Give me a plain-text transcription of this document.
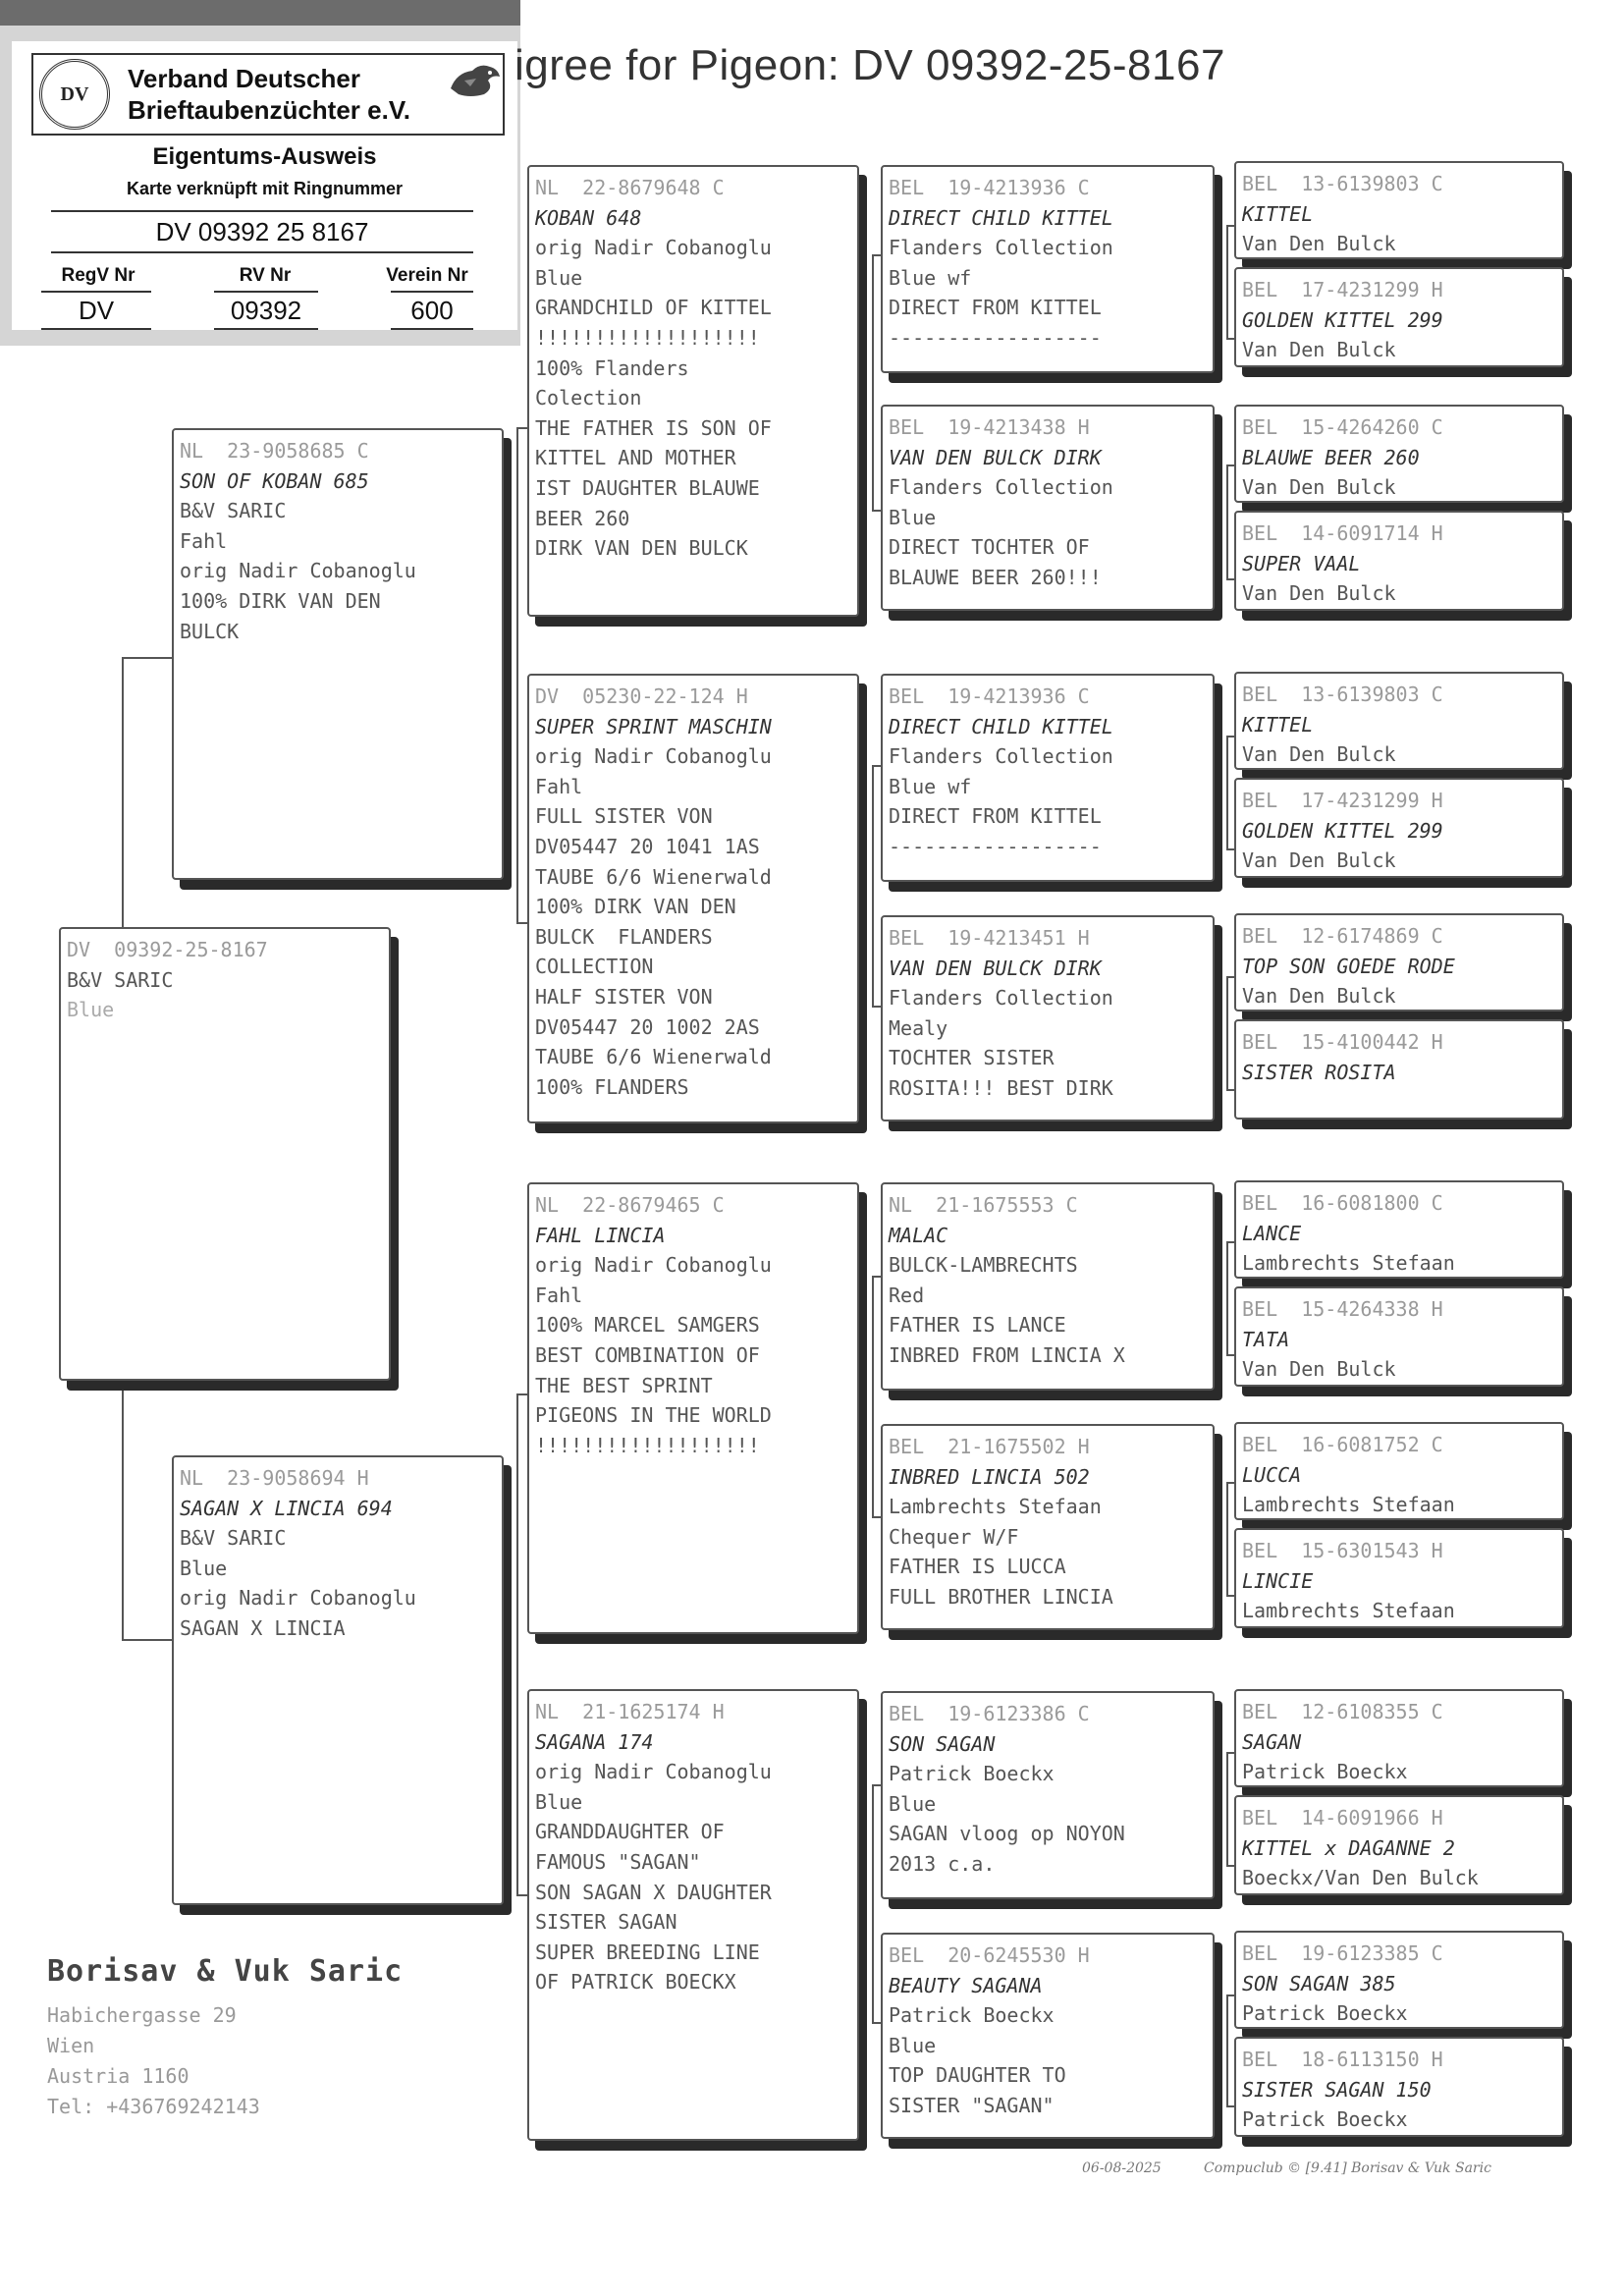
DV
Verband Deutscher
Brieftaubenzüchter e.V.
Eigentums-Ausweis
Karte verknüpft mit Ringnummer
DV 09392 25 8167
RegV Nr	RV Nr	Verein Nr
DV	09392	600
igree for Pigeon: DV 09392-25-8167
DV  09392-25-8167
B&V SARIC
Blue
NL  23-9058685 C
SON OF KOBAN 685
B&V SARIC
Fahl
orig Nadir Cobanoglu
100% DIRK VAN DEN
BULCK
NL  23-9058694 H
SAGAN X LINCIA 694
B&V SARIC
Blue
orig Nadir Cobanoglu
SAGAN X LINCIA
NL  22-8679648 C
KOBAN 648
orig Nadir Cobanoglu
Blue
GRANDCHILD OF KITTEL
!!!!!!!!!!!!!!!!!!!
100% Flanders
Colection
THE FATHER IS SON OF
KITTEL AND MOTHER
IST DAUGHTER BLAUWE
BEER 260
DIRK VAN DEN BULCK
DV  05230-22-124 H
SUPER SPRINT MASCHIN
orig Nadir Cobanoglu
Fahl
FULL SISTER VON
DV05447 20 1041 1AS
TAUBE 6/6 Wienerwald
100% DIRK VAN DEN
BULCK  FLANDERS
COLLECTION
HALF SISTER VON
DV05447 20 1002 2AS
TAUBE 6/6 Wienerwald
100% FLANDERS
NL  22-8679465 C
FAHL LINCIA
orig Nadir Cobanoglu
Fahl
100% MARCEL SAMGERS
BEST COMBINATION OF
THE BEST SPRINT
PIGEONS IN THE WORLD
!!!!!!!!!!!!!!!!!!!
NL  21-1625174 H
SAGANA 174
orig Nadir Cobanoglu
Blue
GRANDDAUGHTER OF
FAMOUS "SAGAN"
SON SAGAN X DAUGHTER
SISTER SAGAN
SUPER BREEDING LINE
OF PATRICK BOECKX
BEL  19-4213936 C
DIRECT CHILD KITTEL
Flanders Collection
Blue wf
DIRECT FROM KITTEL
------------------
BEL  19-4213438 H
VAN DEN BULCK DIRK
Flanders Collection
Blue
DIRECT TOCHTER OF
BLAUWE BEER 260!!!
BEL  19-4213936 C
DIRECT CHILD KITTEL
Flanders Collection
Blue wf
DIRECT FROM KITTEL
------------------
BEL  19-4213451 H
VAN DEN BULCK DIRK
Flanders Collection
Mealy
TOCHTER SISTER
ROSITA!!! BEST DIRK
NL  21-1675553 C
MALAC
BULCK-LAMBRECHTS
Red
FATHER IS LANCE
INBRED FROM LINCIA X
BEL  21-1675502 H
INBRED LINCIA 502
Lambrechts Stefaan
Chequer W/F
FATHER IS LUCCA
FULL BROTHER LINCIA
BEL  19-6123386 C
SON SAGAN
Patrick Boeckx
Blue
SAGAN vloog op NOYON
2013 c.a.
BEL  20-6245530 H
BEAUTY SAGANA
Patrick Boeckx
Blue
TOP DAUGHTER TO
SISTER "SAGAN"
BEL  13-6139803 C
KITTEL
Van Den Bulck
BEL  17-4231299 H
GOLDEN KITTEL 299
Van Den Bulck
BEL  15-4264260 C
BLAUWE BEER 260
Van Den Bulck
BEL  14-6091714 H
SUPER VAAL
Van Den Bulck
BEL  13-6139803 C
KITTEL
Van Den Bulck
BEL  17-4231299 H
GOLDEN KITTEL 299
Van Den Bulck
BEL  12-6174869 C
TOP SON GOEDE RODE
Van Den Bulck
BEL  15-4100442 H
SISTER ROSITA
BEL  16-6081800 C
LANCE
Lambrechts Stefaan
BEL  15-4264338 H
TATA
Van Den Bulck
BEL  16-6081752 C
LUCCA
Lambrechts Stefaan
BEL  15-6301543 H
LINCIE
Lambrechts Stefaan
BEL  12-6108355 C
SAGAN
Patrick Boeckx
BEL  14-6091966 H
KITTEL x DAGANNE 2
Boeckx/Van Den Bulck
BEL  19-6123385 C
SON SAGAN 385
Patrick Boeckx
BEL  18-6113150 H
SISTER SAGAN 150
Patrick Boeckx
Borisav & Vuk Saric
Habichergasse 29
Wien
Austria 1160
Tel: +436769242143
06-08-2025	Compuclub © [9.41] Borisav & Vuk Saric
